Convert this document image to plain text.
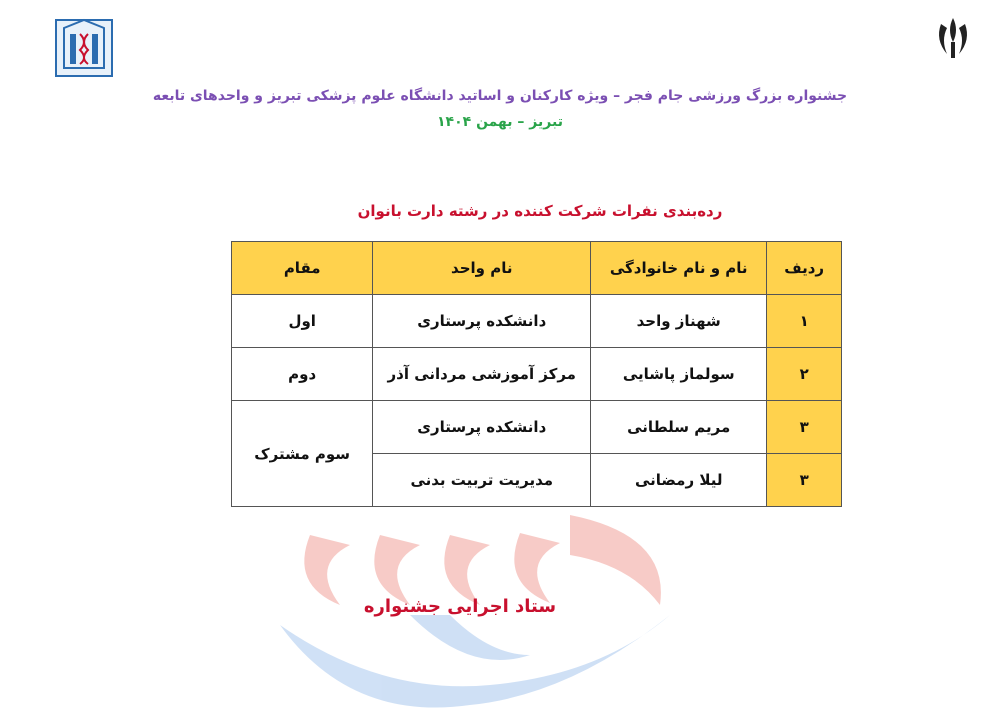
جشنواره بزرگ ورزشی جام فجر – ویژه کارکنان و اساتید دانشگاه علوم پزشکی تبریز و واحدهای تابعه
تبریز – بهمن ۱۴۰۴
رده‌بندی نفرات شرکت کننده در رشته دارت بانوان
ردیف	نام و نام خانوادگی	نام واحد	مقام
۱	شهناز واحد	دانشکده پرستاری	اول
۲	سولماز پاشایی	مرکز آموزشی مردانی آذر	دوم
۳	مریم سلطانی	دانشکده پرستاری	سوم مشترک
۳	لیلا رمضانی	مدیریت تربیت بدنی	
ستاد اجرایی جشنواره
